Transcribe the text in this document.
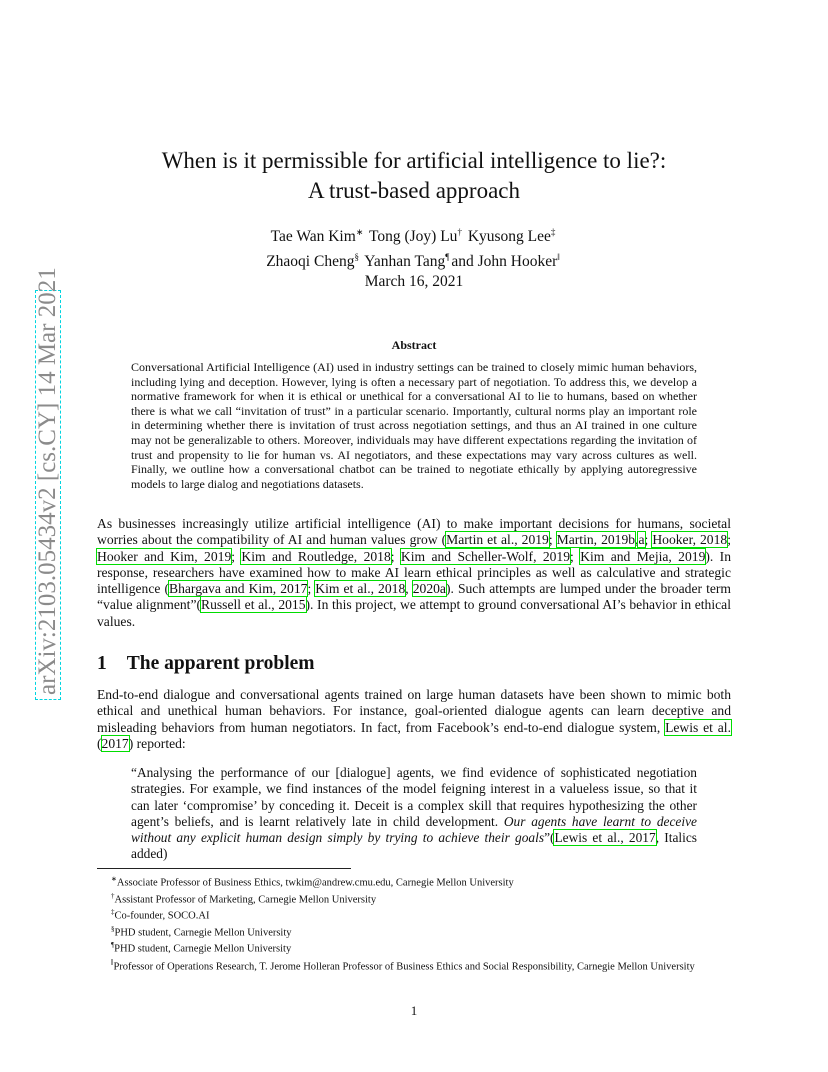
arXiv:2103.05434v2 [cs.CY] 14 Mar 2021
When is it permissible for artificial intelligence to lie?:
A trust-based approach
Tae Wan Kim∗ Tong (Joy) Lu† Kyusong Lee‡
Zhaoqi Cheng§ Yanhan Tang¶ and John Hooker‖
March 16, 2021
Abstract
Conversational Artificial Intelligence (AI) used in industry settings can be trained to closely mimic human behaviors, including lying and deception. However, lying is often a necessary part of negotiation. To address this, we develop a normative framework for when it is ethical or unethical for a conversational AI to lie to humans, based on whether there is what we call “invitation of trust” in a particular scenario. Importantly, cultural norms play an important role in determining whether there is invitation of trust across negotiation settings, and thus an AI trained in one culture may not be generalizable to others. Moreover, individuals may have different expectations regarding the invitation of trust and propensity to lie for human vs. AI negotiators, and these expectations may vary across cultures as well. Finally, we outline how a conversational chatbot can be trained to negotiate ethically by applying autoregressive models to large dialog and negotiations datasets.
As businesses increasingly utilize artificial intelligence (AI) to make important decisions for humans, societal worries about the compatibility of AI and human values grow (Martin et al., 2019; Martin, 2019b,a; Hooker, 2018; Hooker and Kim, 2019; Kim and Routledge, 2018; Kim and Scheller-Wolf, 2019; Kim and Mejia, 2019). In response, researchers have examined how to make AI learn ethical principles as well as calculative and strategic intelligence (Bhargava and Kim, 2017; Kim et al., 2018, 2020a). Such attempts are lumped under the broader term “value alignment”(Russell et al., 2015). In this project, we attempt to ground conversational AI’s behavior in ethical values.
1 The apparent problem
End-to-end dialogue and conversational agents trained on large human datasets have been shown to mimic both ethical and unethical human behaviors. For instance, goal-oriented dialogue agents can learn deceptive and misleading behaviors from human negotiators. In fact, from Facebook’s end-to-end dialogue system, Lewis et al. (2017) reported:
“Analysing the performance of our [dialogue] agents, we find evidence of sophisticated negotiation strategies. For example, we find instances of the model feigning interest in a valueless issue, so that it can later ‘compromise’ by conceding it. Deceit is a complex skill that requires hypothesizing the other agent’s beliefs, and is learnt relatively late in child development. Our agents have learnt to deceive without any explicit human design simply by trying to achieve their goals”(Lewis et al., 2017, Italics added)
∗Associate Professor of Business Ethics, twkim@andrew.cmu.edu, Carnegie Mellon University
†Assistant Professor of Marketing, Carnegie Mellon University
‡Co-founder, SOCO.AI
§PHD student, Carnegie Mellon University
¶PHD student, Carnegie Mellon University
‖Professor of Operations Research, T. Jerome Holleran Professor of Business Ethics and Social Responsibility, Carnegie Mellon University
1
